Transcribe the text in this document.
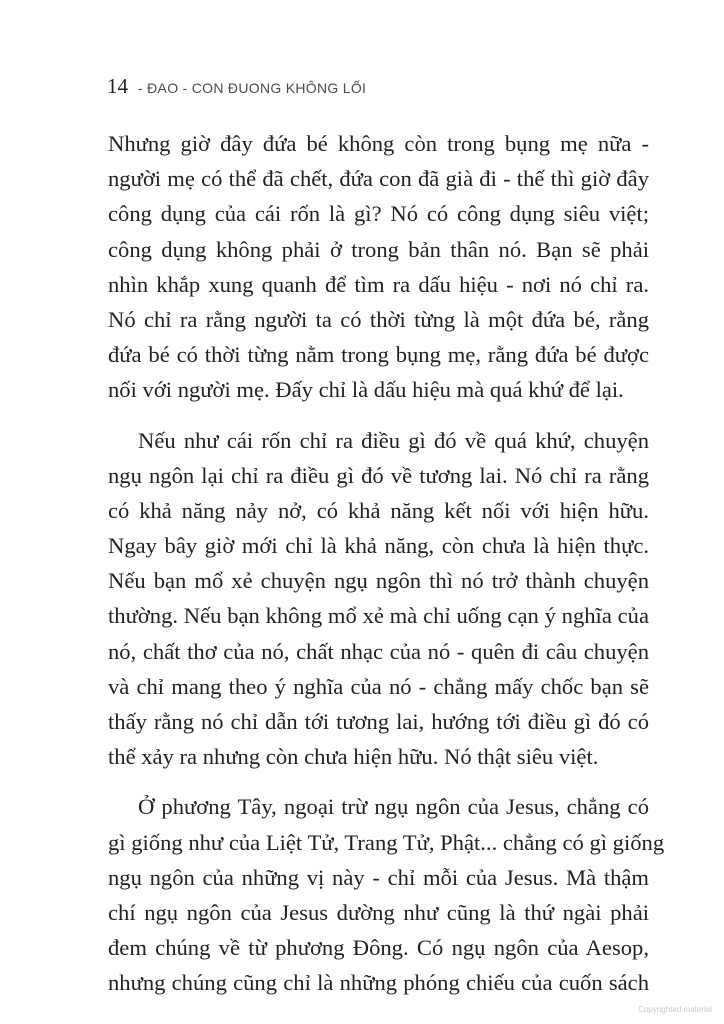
14 - ĐAO - CON ĐUONG KHÔNG LỐI

Nhưng giờ đây đứa bé không còn trong bụng mẹ nữa -
người mẹ có thể đã chết, đứa con đã già đi - thế thì giờ đây
công dụng của cái rốn là gì? Nó có công dụng siêu việt;
công dụng không phải ở trong bản thân nó. Bạn sẽ phải
nhìn khắp xung quanh để tìm ra dấu hiệu - nơi nó chỉ ra.
Nó chỉ ra rằng người ta có thời từng là một đứa bé, rằng
đứa bé có thời từng nằm trong bụng mẹ, rằng đứa bé được
nối với người mẹ. Đấy chỉ là dấu hiệu mà quá khứ để lại.

Nếu như cái rốn chỉ ra điều gì đó về quá khứ, chuyện
ngụ ngôn lại chỉ ra điều gì đó về tương lai. Nó chỉ ra rằng
có khả năng nảy nở, có khả năng kết nối với hiện hữu.
Ngay bây giờ mới chỉ là khả năng, còn chưa là hiện thực.
Nếu bạn mổ xẻ chuyện ngụ ngôn thì nó trở thành chuyện
thường. Nếu bạn không mổ xẻ mà chỉ uống cạn ý nghĩa của
nó, chất thơ của nó, chất nhạc của nó - quên đi câu chuyện
và chỉ mang theo ý nghĩa của nó - chẳng mấy chốc bạn sẽ
thấy rằng nó chỉ dẫn tới tương lai, hướng tới điều gì đó có
thể xảy ra nhưng còn chưa hiện hữu. Nó thật siêu việt.

Ở phương Tây, ngoại trừ ngụ ngôn của Jesus, chẳng có
gì giống như của Liệt Tử, Trang Tử, Phật... chẳng có gì giống
ngụ ngôn của những vị này - chỉ mỗi của Jesus. Mà thậm
chí ngụ ngôn của Jesus dường như cũng là thứ ngài phải
đem chúng về từ phương Đông. Có ngụ ngôn của Aesop,
nhưng chúng cũng chỉ là những phóng chiếu của cuốn sách

Copyrighted material
